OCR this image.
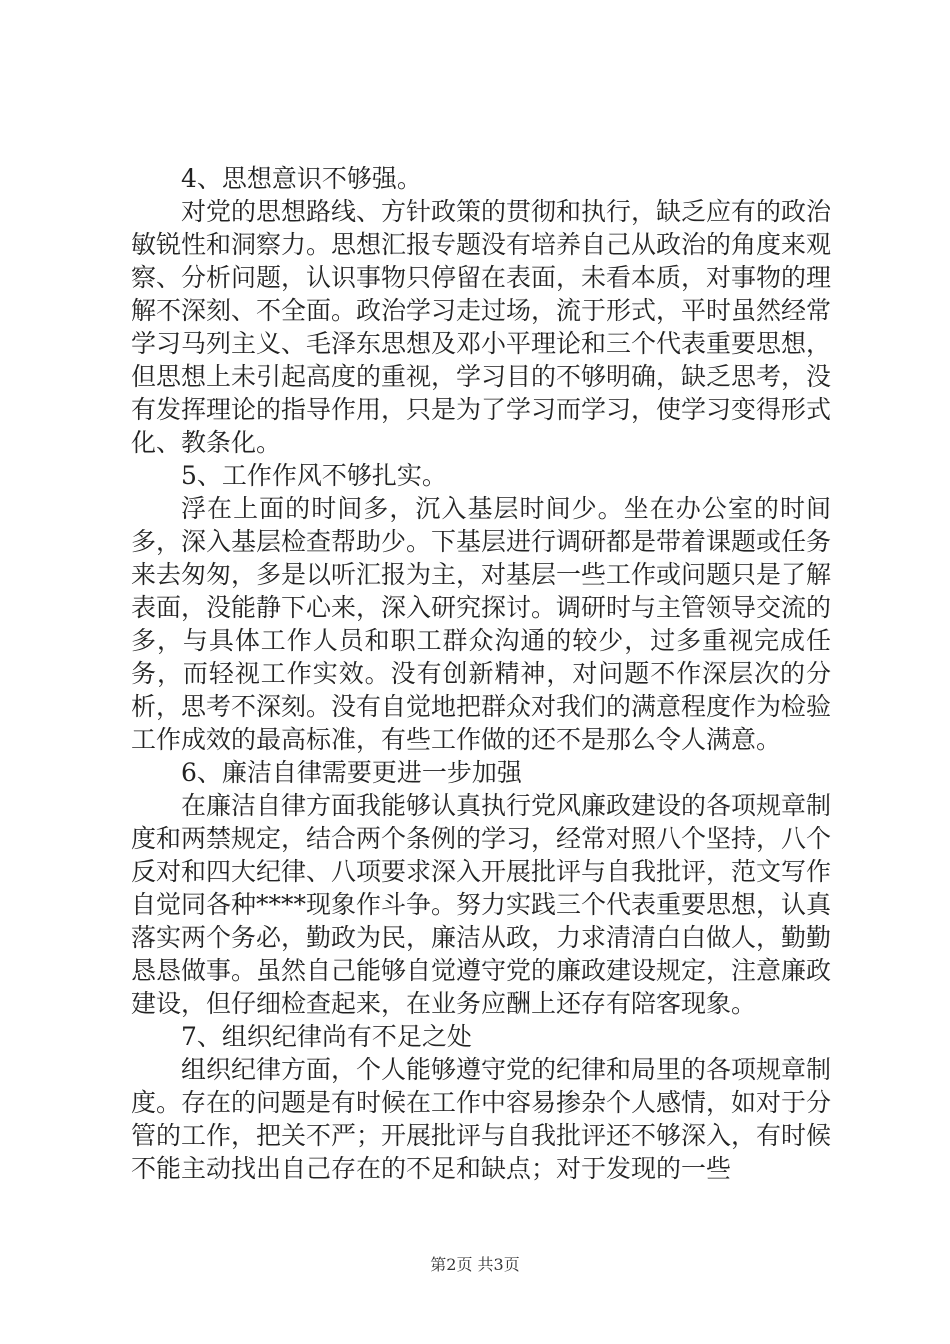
4、思想意识不够强。

对党的思想路线、方针政策的贯彻和执行，缺乏应有的政治敏锐性和洞察力。思想汇报专题没有培养自己从政治的角度来观察、分析问题，认识事物只停留在表面，未看本质，对事物的理解不深刻、不全面。政治学习走过场，流于形式，平时虽然经常学习马列主义、毛泽东思想及邓小平理论和三个代表重要思想，但思想上未引起高度的重视，学习目的不够明确，缺乏思考，没有发挥理论的指导作用，只是为了学习而学习，使学习变得形式化、教条化。

5、工作作风不够扎实。

浮在上面的时间多，沉入基层时间少。坐在办公室的时间多，深入基层检查帮助少。下基层进行调研都是带着课题或任务来去匆匆，多是以听汇报为主，对基层一些工作或问题只是了解表面，没能静下心来，深入研究探讨。调研时与主管领导交流的多，与具体工作人员和职工群众沟通的较少，过多重视完成任务，而轻视工作实效。没有创新精神，对问题不作深层次的分析，思考不深刻。没有自觉地把群众对我们的满意程度作为检验工作成效的最高标准，有些工作做的还不是那么令人满意。

6、廉洁自律需要更进一步加强

在廉洁自律方面我能够认真执行党风廉政建设的各项规章制度和两禁规定，结合两个条例的学习，经常对照八个坚持，八个反对和四大纪律、八项要求深入开展批评与自我批评，范文写作自觉同各种****现象作斗争。努力实践三个代表重要思想，认真落实两个务必，勤政为民，廉洁从政，力求清清白白做人，勤勤恳恳做事。虽然自己能够自觉遵守党的廉政建设规定，注意廉政建设，但仔细检查起来，在业务应酬上还存有陪客现象。

7、组织纪律尚有不足之处

组织纪律方面，个人能够遵守党的纪律和局里的各项规章制度。存在的问题是有时候在工作中容易掺杂个人感情，如对于分管的工作，把关不严；开展批评与自我批评还不够深入，有时候不能主动找出自己存在的不足和缺点；对于发现的一些

第2页 共3页
